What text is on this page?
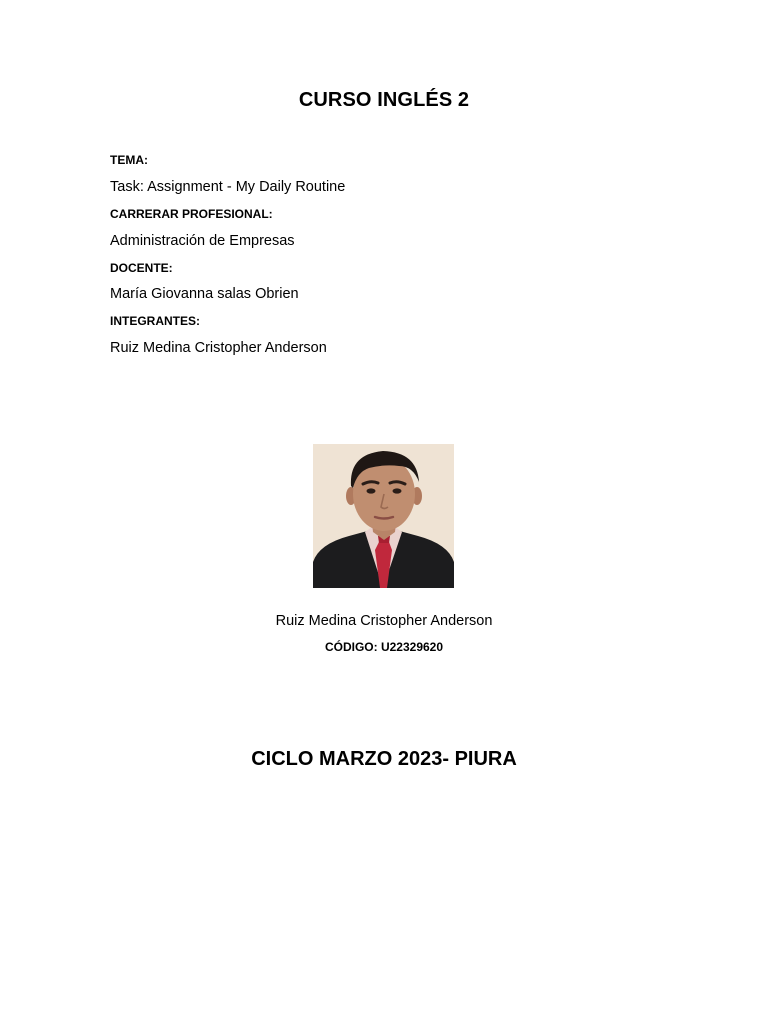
CURSO INGLÉS 2
TEMA:
Task: Assignment - My Daily Routine
CARRERAR PROFESIONAL:
Administración de Empresas
DOCENTE:
María Giovanna salas Obrien
INTEGRANTES:
Ruiz Medina Cristopher Anderson
Ruiz Medina Cristopher Anderson
CÓDIGO: U22329620
CICLO MARZO 2023- PIURA
